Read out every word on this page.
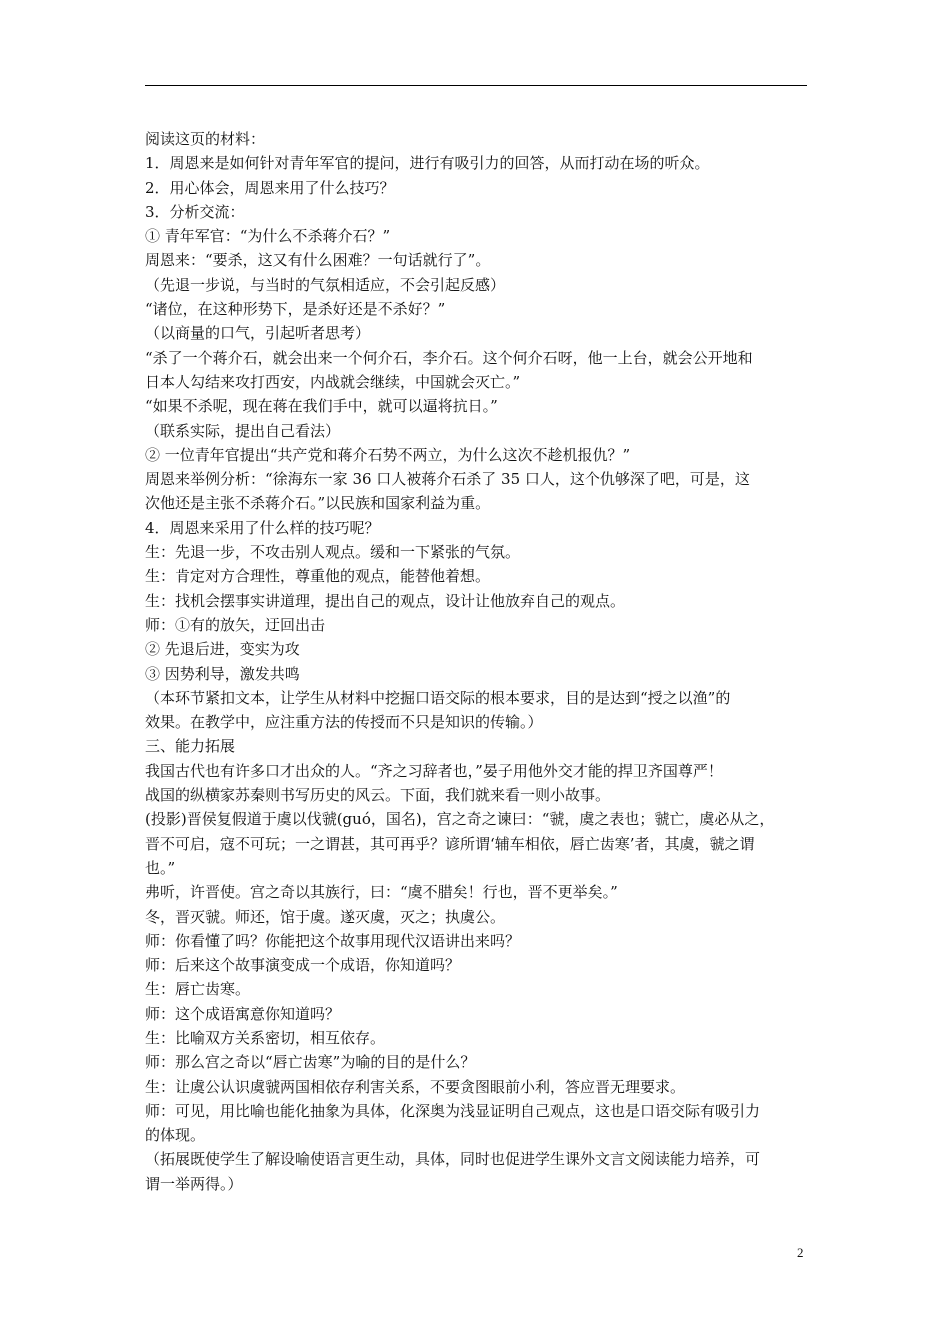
阅读这页的材料：
1．周恩来是如何针对青年军官的提问，进行有吸引力的回答，从而打动在场的听众。
2．用心体会，周恩来用了什么技巧？
3．分析交流：
① 青年军官：“为什么不杀蒋介石？”
周恩来：“要杀，这又有什么困难？一句话就行了”。
（先退一步说，与当时的气氛相适应，不会引起反感）
“诸位，在这种形势下，是杀好还是不杀好？”
（以商量的口气，引起听者思考）
“杀了一个蒋介石，就会出来一个何介石，李介石。这个何介石呀，他一上台，就会公开地和
日本人勾结来攻打西安，内战就会继续，中国就会灭亡。”
“如果不杀呢，现在蒋在我们手中，就可以逼将抗日。”
（联系实际，提出自己看法）
② 一位青年官提出“共产党和蒋介石势不两立，为什么这次不趁机报仇？”
周恩来举例分析：“徐海东一家 36 口人被蒋介石杀了 35 口人，这个仇够深了吧，可是，这
次他还是主张不杀蒋介石。”以民族和国家利益为重。
4．周恩来采用了什么样的技巧呢？
生：先退一步，不攻击别人观点。缓和一下紧张的气氛。
生：肯定对方合理性，尊重他的观点，能替他着想。
生：找机会摆事实讲道理，提出自己的观点，设计让他放弃自己的观点。
师：①有的放矢，迂回出击
② 先退后进，变实为攻
③ 因势利导，激发共鸣
（本环节紧扣文本，让学生从材料中挖掘口语交际的根本要求，目的是达到“授之以渔”的
效果。在教学中，应注重方法的传授而不只是知识的传输。）
三、能力拓展
我国古代也有许多口才出众的人。“齐之习辞者也，”晏子用他外交才能的捍卫齐国尊严！
战国的纵横家苏秦则书写历史的风云。下面，我们就来看一则小故事。
(投影)晋侯复假道于虞以伐虢(guó，国名)，宫之奇之谏曰：“虢，虞之表也；虢亡，虞必从之，
晋不可启，寇不可玩；一之谓甚，其可再乎？谚所谓‘辅车相依，唇亡齿寒’者，其虞，虢之谓
也。”
弗听，许晋使。宫之奇以其族行，曰：“虞不腊矣！行也，晋不更举矣。”
冬，晋灭虢。师还，馆于虞。遂灭虞，灭之；执虞公。
师：你看懂了吗？你能把这个故事用现代汉语讲出来吗？
师：后来这个故事演变成一个成语，你知道吗？
生：唇亡齿寒。
师：这个成语寓意你知道吗？
生：比喻双方关系密切，相互依存。
师：那么宫之奇以“唇亡齿寒”为喻的目的是什么？
生：让虞公认识虞虢两国相依存利害关系，不要贪图眼前小利，答应晋无理要求。
师：可见，用比喻也能化抽象为具体，化深奥为浅显证明自己观点，这也是口语交际有吸引力
的体现。
（拓展既使学生了解设喻使语言更生动，具体，同时也促进学生课外文言文阅读能力培养，可
谓一举两得。）
2
